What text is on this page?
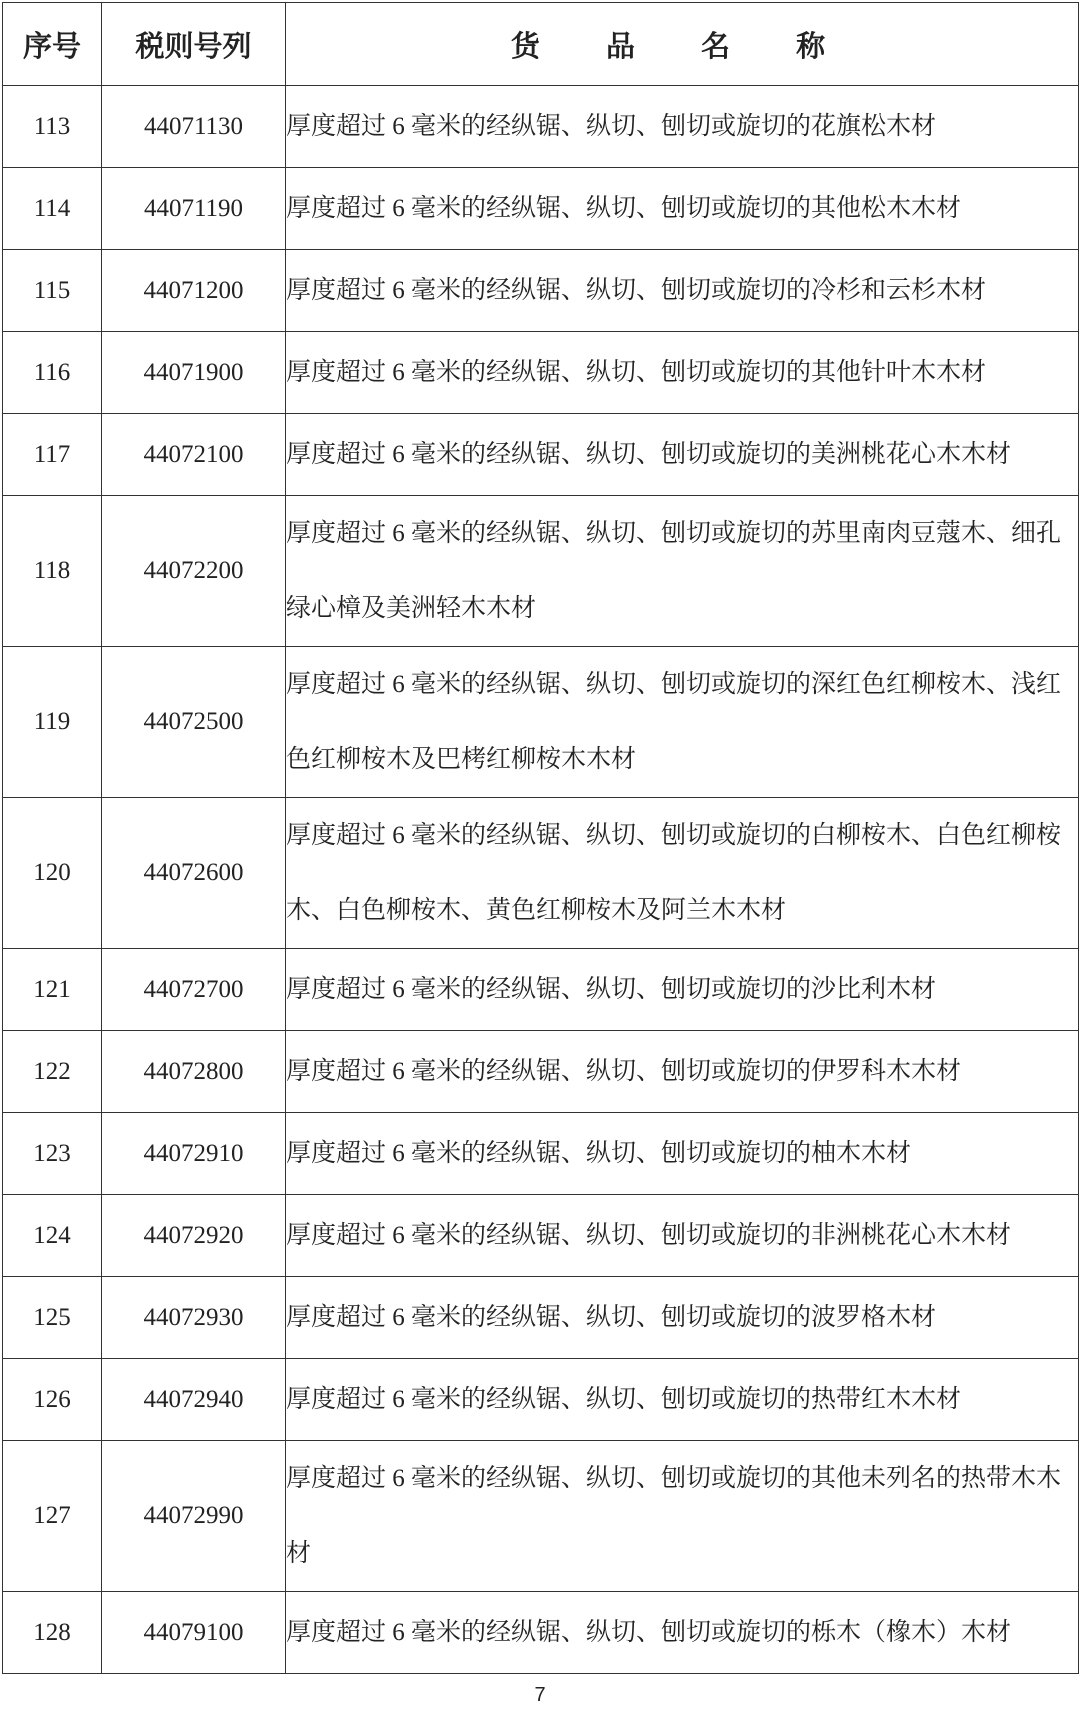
序号	税则号列	货 品 名 称
113	44071130	厚度超过 6 毫米的经纵锯、纵切、刨切或旋切的花旗松木材
114	44071190	厚度超过 6 毫米的经纵锯、纵切、刨切或旋切的其他松木木材
115	44071200	厚度超过 6 毫米的经纵锯、纵切、刨切或旋切的冷杉和云杉木材
116	44071900	厚度超过 6 毫米的经纵锯、纵切、刨切或旋切的其他针叶木木材
117	44072100	厚度超过 6 毫米的经纵锯、纵切、刨切或旋切的美洲桃花心木木材
118	44072200	厚度超过 6 毫米的经纵锯、纵切、刨切或旋切的苏里南肉豆蔻木、细孔绿心樟及美洲轻木木材
119	44072500	厚度超过 6 毫米的经纵锯、纵切、刨切或旋切的深红色红柳桉木、浅红色红柳桉木及巴栲红柳桉木木材
120	44072600	厚度超过 6 毫米的经纵锯、纵切、刨切或旋切的白柳桉木、白色红柳桉木、白色柳桉木、黄色红柳桉木及阿兰木木材
121	44072700	厚度超过 6 毫米的经纵锯、纵切、刨切或旋切的沙比利木材
122	44072800	厚度超过 6 毫米的经纵锯、纵切、刨切或旋切的伊罗科木木材
123	44072910	厚度超过 6 毫米的经纵锯、纵切、刨切或旋切的柚木木材
124	44072920	厚度超过 6 毫米的经纵锯、纵切、刨切或旋切的非洲桃花心木木材
125	44072930	厚度超过 6 毫米的经纵锯、纵切、刨切或旋切的波罗格木材
126	44072940	厚度超过 6 毫米的经纵锯、纵切、刨切或旋切的热带红木木材
127	44072990	厚度超过 6 毫米的经纵锯、纵切、刨切或旋切的其他未列名的热带木木材
128	44079100	厚度超过 6 毫米的经纵锯、纵切、刨切或旋切的栎木（橡木）木材
7
